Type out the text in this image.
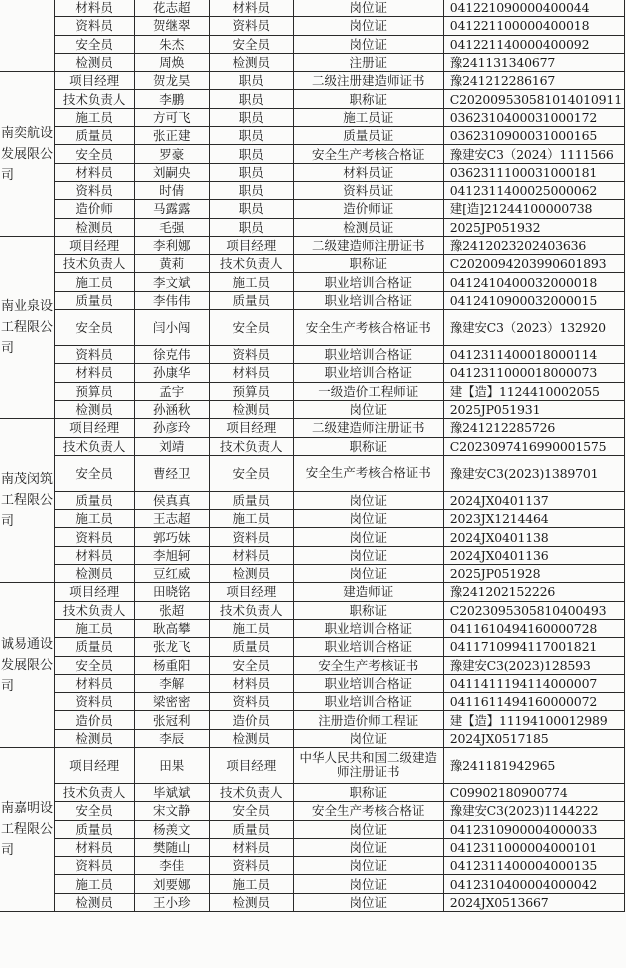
	材料员	花志超	材料员	岗位证	041221090000400044
	资料员	贺继翠	资料员	岗位证	041221100000400018
	安全员	朱杰	安全员	岗位证	041221140000400092
	检测员	周焕	检测员	注册证	豫241131340677
南奕航设发展限公司	项目经理	贺龙昊	职员	二级注册建造师证书	豫241212286167
	技术负责人	李鹏	职员	职称证	C202009530581014010911
	施工员	方可飞	职员	施工员证	036231040003100017​2
	质量员	张正建	职员	质量员证	036231090003100016​5
	安全员	罗豪	职员	安全生产考核合格证	豫建安C3（2024）1111566
	材料员	刘嗣央	职员	材料员证	036231110003100018​1
	资料员	时倩	职员	资料员证	041231140002500006​2
	造价师	马露露	职员	造价师证	建[造]21244100000738
	检测员	毛强	职员	检测员证	2025JP051932
南业泉设工程限公司	项目经理	李利娜	项目经理	二级建造师注册证书	豫2412023202403636
	技术负责人	黄莉	技术负责人	职称证	C202009420399060189​3
	施工员	李文斌	施工员	职业培训合格证	041241040003200001​8
	质量员	李伟伟	质量员	职业培训合格证	041241090003200001​5
	安全员	闫小闯	安全员	安全生产考核合格证书	豫建安C3（2023）132920
	资料员	徐克伟	资料员	职业培训合格证	041231140001800011​4
	材料员	孙康华	材料员	职业培训合格证	041231100001800007​3
	预算员	孟宇	预算员	一级造价工程师证	建【造】1124410002055
	检测员	孙涵秋	检测员	岗位证	2025JP051931
南茂闵筑工程限公司	项目经理	孙彦玲	项目经理	二级建造师注册证书	豫241212285726
	技术负责人	刘靖	技术负责人	职称证	C202309741699000157​5
	安全员	曹经卫	安全员	安全生产考核合格证书	豫建安C3(2023)1389701
	质量员	侯真真	质量员	岗位证	2024JX0401137
	施工员	王志超	施工员	岗位证	2023JX1214464
	资料员	郭巧妹	资料员	岗位证	2024JX0401138
	材料员	李旭轲	材料员	岗位证	2024JX0401136
	检测员	豆红威	检测员	岗位证	2025JP051928
诚易通设发展限公司	项目经理	田晓铭	项目经理	建造师证	豫241202152226
	技术负责人	张超	技术负责人	职称证	C202309530581040049​3
	施工员	耿高攀	施工员	职业培训合格证	041161049416000072​8
	质量员	张龙飞	质量员	职业培训合格证	041171099411700182​1
	安全员	杨重阳	安全员	安全生产考核证书	豫建安C3(2023)128593
	材料员	李解	材料员	职业培训合格证	041141119411400000​7
	资料员	梁密密	资料员	职业培训合格证	041161149416000007​2
	造价员	张冠利	造价员	注册造价师工程证	建【造】11194100012989
	检测员	李辰	检测员	岗位证	2024JX0517185
南嘉明设工程限公司	项目经理	田果	项目经理	中华人民共和国二级建造师注册证书	豫241181942965
	技术负责人	毕斌斌	技术负责人	职称证	C09902180900774
	安全员	宋文静	安全员	安全生产考核合格证	豫建安C3(2023)1144222
	质量员	杨羡文	质量员	岗位证	041231090000400003​3
	材料员	樊随山	材料员	岗位证	041231100000400010​1
	资料员	李佳	资料员	岗位证	041231140000400013​5
	施工员	刘要娜	施工员	岗位证	041231040000400004​2
	检测员	王小珍	检测员	岗位证	2024JX0513667
